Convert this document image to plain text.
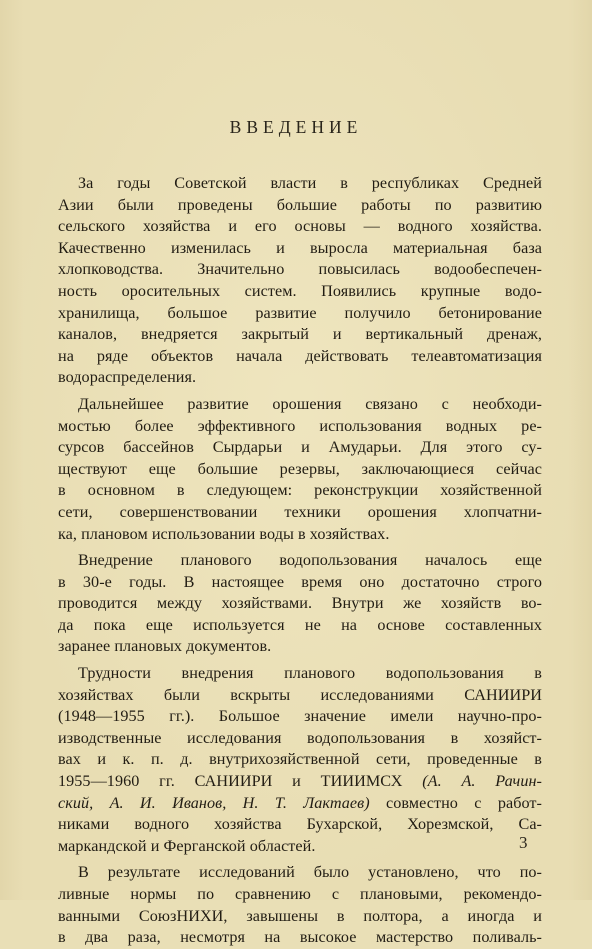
ВВЕДЕНИЕ

За годы Советской власти в республиках Средней
Азии были проведены большие работы по развитию
сельского хозяйства и его основы — водного хозяйства.
Качественно изменилась и выросла материальная база
хлопководства. Значительно повысилась водообеспечен-
ность оросительных систем. Появились крупные водо-
хранилища, большое развитие получило бетонирование
каналов, внедряется закрытый и вертикальный дренаж,
на ряде объектов начала действовать телеавтоматизация
водораспределения.

Дальнейшее развитие орошения связано с необходи-
мостью более эффективного использования водных ре-
сурсов бассейнов Сырдарьи и Амударьи. Для этого су-
ществуют еще большие резервы, заключающиеся сейчас
в основном в следующем: реконструкции хозяйственной
сети, совершенствовании техники орошения хлопчатни-
ка, плановом использовании воды в хозяйствах.

Внедрение планового водопользования началось еще
в 30-е годы. В настоящее время оно достаточно строго
проводится между хозяйствами. Внутри же хозяйств во-
да пока еще используется не на основе составленных
заранее плановых документов.

Трудности внедрения планового водопользования в
хозяйствах были вскрыты исследованиями САНИИРИ
(1948—1955 гг.). Большое значение имели научно-про-
изводственные исследования водопользования в хозяйст-
вах и к. п. д. внутрихозяйственной сети, проведенные в
1955—1960 гг. САНИИРИ и ТИИИМСХ (А. А. Рачин-
ский, А. И. Иванов, Н. Т. Лактаев) совместно с работ-
никами водного хозяйства Бухарской, Хорезмской, Са-
маркандской и Ферганской областей.

В результате исследований было установлено, что по-
ливные нормы по сравнению с плановыми, рекомендо-
ванными СоюзНИХИ, завышены в полтора, а иногда и
в два раза, несмотря на высокое мастерство поливаль-

3
